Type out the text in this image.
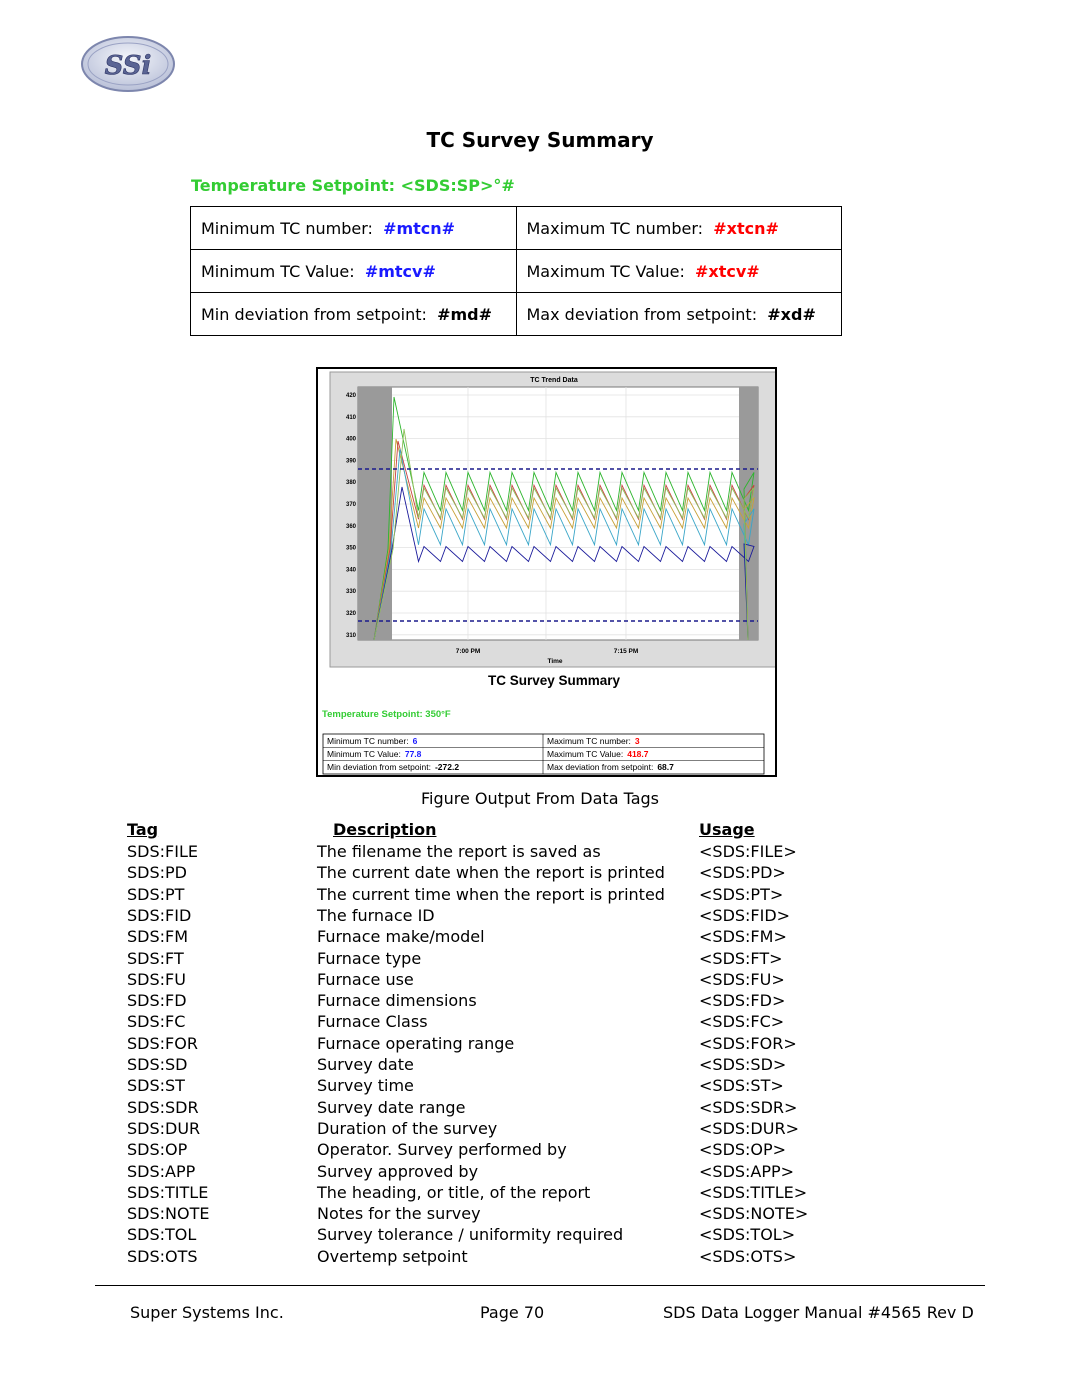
SSi
TC Survey Summary
Temperature Setpoint: <SDS:SP>°#
Minimum TC number: #mtcn#	Maximum TC number: #xtcn#
Minimum TC Value: #mtcv#	Maximum TC Value: #xtcv#
Min deviation from setpoint: #md#	Max deviation from setpoint: #xd#
TC Trend Data
420
410
400
390
380
370
360
350
340
330
320
310
7:00 PM	7:15 PM
Time
TC Survey Summary
Temperature Setpoint: 350°F
Minimum TC number: 6	Maximum TC number: 3
Minimum TC Value: 77.8	Maximum TC Value: 418.7
Min deviation from setpoint: -272.2	Max deviation from setpoint: 68.7
Figure Output From Data Tags
Tag	Description	Usage
SDS:FILE	The filename the report is saved as	<SDS:FILE>
SDS:PD	The current date when the report is printed <SDS:PD>
SDS:PT	The current time when the report is printed <SDS:PT>
SDS:FID	The furnace ID	<SDS:FID>
SDS:FM	Furnace make/model	<SDS:FM>
SDS:FT	Furnace type	<SDS:FT>
SDS:FU	Furnace use	<SDS:FU>
SDS:FD	Furnace dimensions	<SDS:FD>
SDS:FC	Furnace Class	<SDS:FC>
SDS:FOR	Furnace operating range	<SDS:FOR>
SDS:SD	Survey date	<SDS:SD>
SDS:ST	Survey time	<SDS:ST>
SDS:SDR	Survey date range	<SDS:SDR>
SDS:DUR	Duration of the survey	<SDS:DUR>
SDS:OP	Operator. Survey performed by	<SDS:OP>
SDS:APP	Survey approved by	<SDS:APP>
SDS:TITLE	The heading, or title, of the report	<SDS:TITLE>
SDS:NOTE	Notes for the survey	<SDS:NOTE>
SDS:TOL	Survey tolerance / uniformity required	<SDS:TOL>
SDS:OTS	Overtemp setpoint	<SDS:OTS>
Super Systems Inc.	Page 70	SDS Data Logger Manual #4565 Rev D
